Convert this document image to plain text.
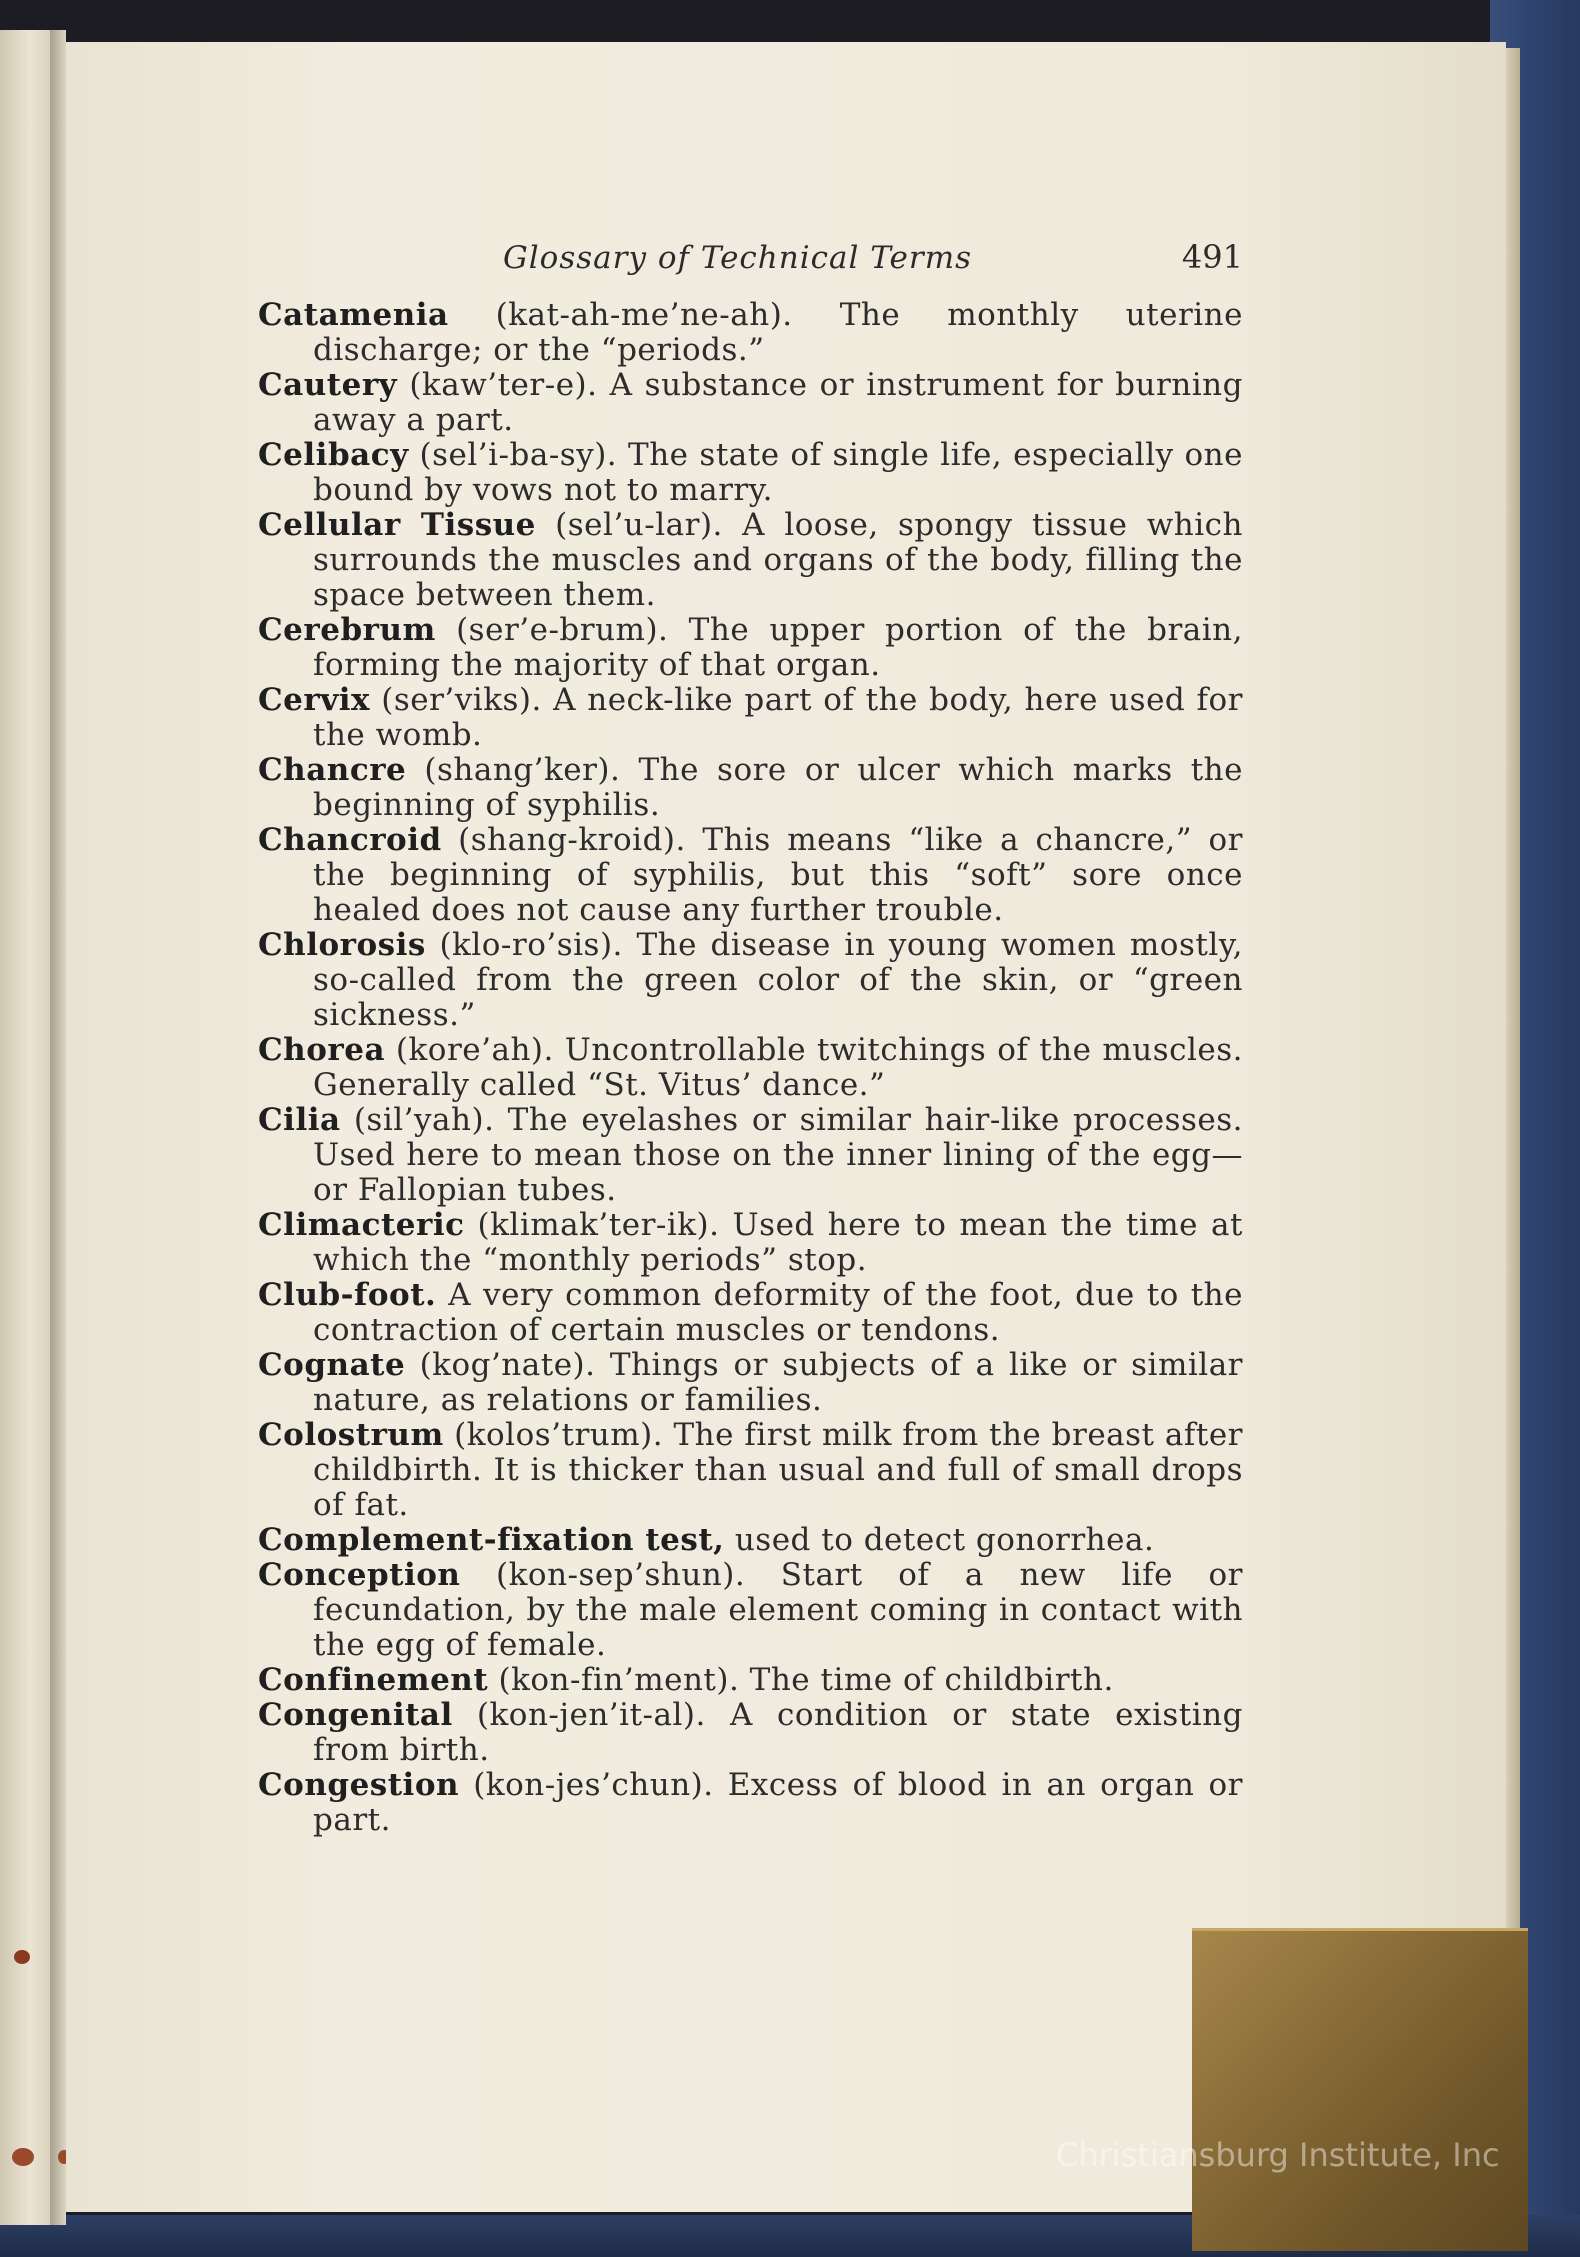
Glossary of Technical Terms	491

Catamenia (kat-ah-me’ne-ah). The monthly uterine discharge; or the “periods.”

Cautery (kaw’ter-e). A substance or instrument for burning away a part.

Celibacy (sel’i-ba-sy). The state of single life, especially one bound by vows not to marry.

Cellular Tissue (sel’u-lar). A loose, spongy tissue which surrounds the muscles and organs of the body, filling the space between them.

Cerebrum (ser’e-brum). The upper portion of the brain, forming the majority of that organ.

Cervix (ser’viks). A neck-like part of the body, here used for the womb.

Chancre (shang’ker). The sore or ulcer which marks the beginning of syphilis.

Chancroid (shang-kroid). This means “like a chancre,” or the beginning of syphilis, but this “soft” sore once healed does not cause any further trouble.

Chlorosis (klo-ro’sis). The disease in young women mostly, so-called from the green color of the skin, or “green sickness.”

Chorea (kore’ah). Uncontrollable twitchings of the muscles. Generally called “St. Vitus’ dance.”

Cilia (sil’yah). The eyelashes or similar hair-like processes. Used here to mean those on the inner lining of the egg—or Fallopian tubes.

Climacteric (klimak’ter-ik). Used here to mean the time at which the “monthly periods” stop.

Club-foot. A very common deformity of the foot, due to the contraction of certain muscles or tendons.

Cognate (kog’nate). Things or subjects of a like or similar nature, as relations or families.

Colostrum (kolos’trum). The first milk from the breast after childbirth. It is thicker than usual and full of small drops of fat.

Complement-fixation test, used to detect gonorrhea.

Conception (kon-sep’shun). Start of a new life or fecundation, by the male element coming in contact with the egg of female.

Confinement (kon-fin’ment). The time of childbirth.

Congenital (kon-jen’it-al). A condition or state existing from birth.

Congestion (kon-jes’chun). Excess of blood in an organ or part.

Christiansburg Institute, Inc
